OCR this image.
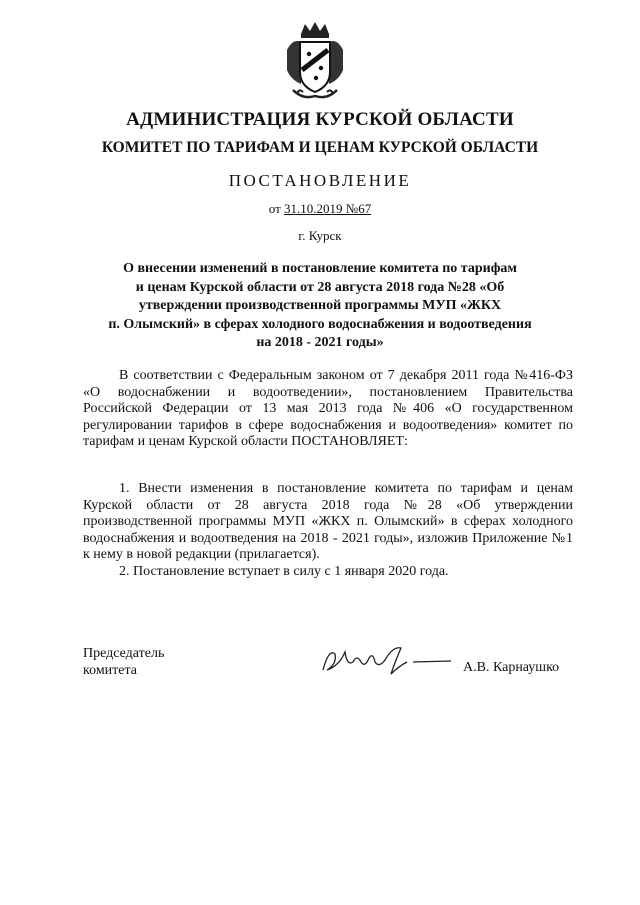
АДМИНИСТРАЦИЯ КУРСКОЙ ОБЛАСТИ
КОМИТЕТ ПО ТАРИФАМ И ЦЕНАМ КУРСКОЙ ОБЛАСТИ
ПОСТАНОВЛЕНИЕ
от 31.10.2019 №67
г. Курск
О внесении изменений в постановление комитета по тарифам
и ценам Курской области от 28 августа 2018 года №28 «Об
утверждении производственной программы МУП «ЖКХ
п. Олымский» в сферах холодного водоснабжения и водоотведения
на 2018 - 2021 годы»
В соответствии с Федеральным законом от 7 декабря 2011 года №416-ФЗ «О водоснабжении и водоотведении», постановлением Правительства Российской Федерации от 13 мая 2013 года №406 «О государственном регулировании тарифов в сфере водоснабжения и водоотведения» комитет по тарифам и ценам Курской области ПОСТАНОВЛЯЕТ:
1. Внести изменения в постановление комитета по тарифам и ценам Курской области от 28 августа 2018 года №28 «Об утверждении производственной программы МУП «ЖКХ п. Олымский» в сферах холодного водоснабжения и водоотведения на 2018 - 2021 годы», изложив Приложение №1 к нему в новой редакции (прилагается).
2. Постановление вступает в силу с 1 января 2020 года.
Председатель
комитета	А.В. Карнаушко
